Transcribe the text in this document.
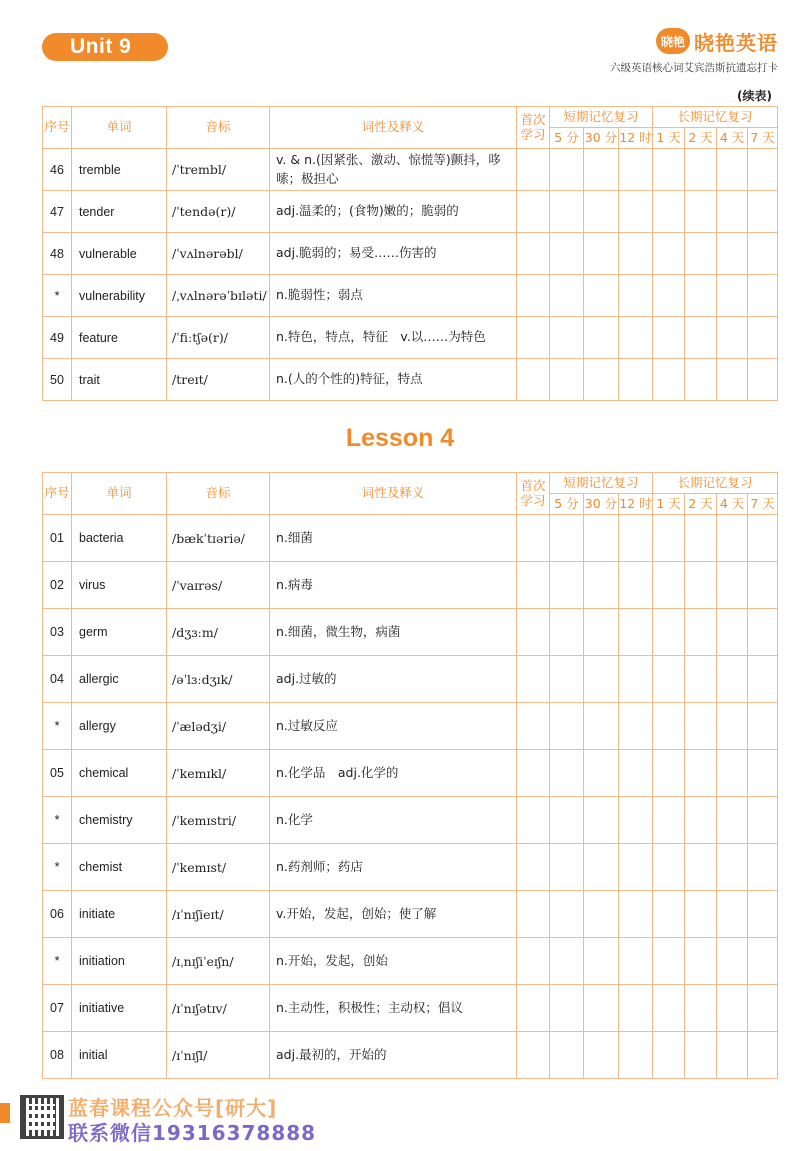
Unit 9	晓艳 晓艳英语
六级英语核心词艾宾浩斯抗遗忘打卡
(续表)
序号	单词	音标	词性及释义	首次学习	短期记忆复习			长期记忆复习			
					5 分	30 分	12 时	1 天	2 天	4 天	7 天
46	tremble	/ˈtrembl/	v. & n.(因紧张、激动、惊慌等)颤抖，哆嗦；极担心								
47	tender	/ˈtendə(r)/	adj.温柔的；(食物)嫩的；脆弱的								
48	vulnerable	/ˈvʌlnərəbl/	adj.脆弱的；易受……伤害的								
*	vulnerability	/ˌvʌlnərəˈbɪləti/	n.脆弱性；弱点								
49	feature	/ˈfiːtʃə(r)/	n.特色，特点，特征　v.以……为特色								
50	trait	/treɪt/	n.(人的个性的)特征，特点								
Lesson 4
序号	单词	音标	词性及释义	首次学习	短期记忆复习			长期记忆复习			
					5 分	30 分	12 时	1 天	2 天	4 天	7 天
01	bacteria	/bækˈtɪəriə/	n.细菌								
02	virus	/ˈvaɪrəs/	n.病毒								
03	germ	/dʒɜːm/	n.细菌，微生物，病菌								
04	allergic	/əˈlɜːdʒɪk/	adj.过敏的								
*	allergy	/ˈælədʒi/	n.过敏反应								
05	chemical	/ˈkemɪkl/	n.化学品　adj.化学的								
*	chemistry	/ˈkemɪstri/	n.化学								
*	chemist	/ˈkemɪst/	n.药剂师；药店								
06	initiate	/ɪˈnɪʃieɪt/	v.开始，发起，创始；使了解								
*	initiation	/ɪˌnɪʃiˈeɪʃn/	n.开始，发起，创始								
07	initiative	/ɪˈnɪʃətɪv/	n.主动性，积极性；主动权；倡议								
08	initial	/ɪˈnɪʃl/	adj.最初的，开始的								
蓝春课程公众号[研大]
联系微信19316378888
